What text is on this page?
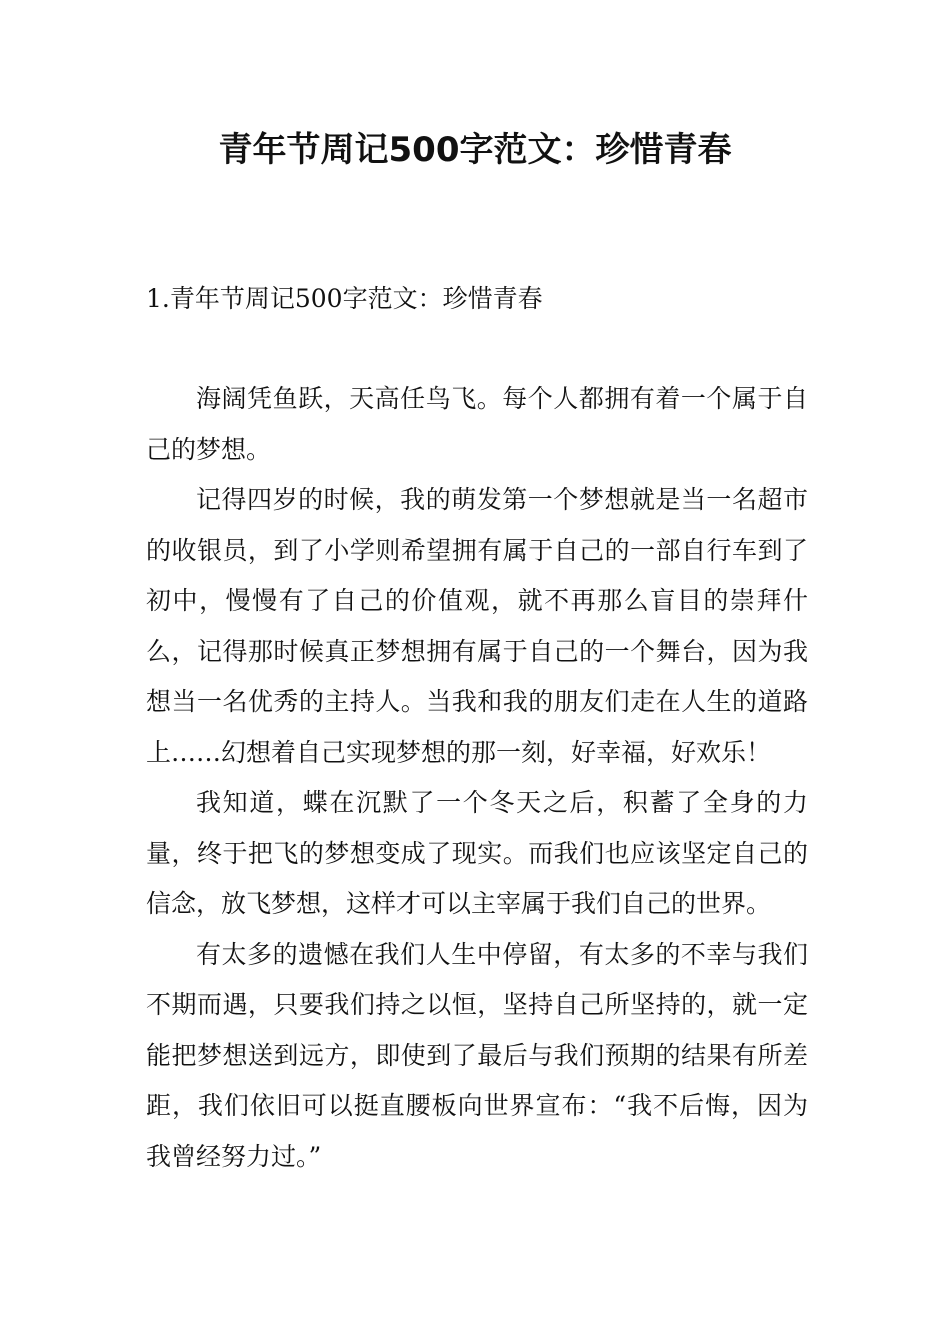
青年节周记500字范文：珍惜青春
1.青年节周记500字范文：珍惜青春

海阔凭鱼跃，天高任鸟飞。每个人都拥有着一个属于自己的梦想。

记得四岁的时候，我的萌发第一个梦想就是当一名超市的收银员，到了小学则希望拥有属于自己的一部自行车到了初中，慢慢有了自己的价值观，就不再那么盲目的崇拜什么，记得那时候真正梦想拥有属于自己的一个舞台，因为我想当一名优秀的主持人。当我和我的朋友们走在人生的道路上……幻想着自己实现梦想的那一刻，好幸福，好欢乐！

我知道，蝶在沉默了一个冬天之后，积蓄了全身的力量，终于把飞的梦想变成了现实。而我们也应该坚定自己的信念，放飞梦想，这样才可以主宰属于我们自己的世界。

有太多的遗憾在我们人生中停留，有太多的不幸与我们不期而遇，只要我们持之以恒，坚持自己所坚持的，就一定能把梦想送到远方，即使到了最后与我们预期的结果有所差距，我们依旧可以挺直腰板向世界宣布：“我不后悔，因为我曾经努力过。”
